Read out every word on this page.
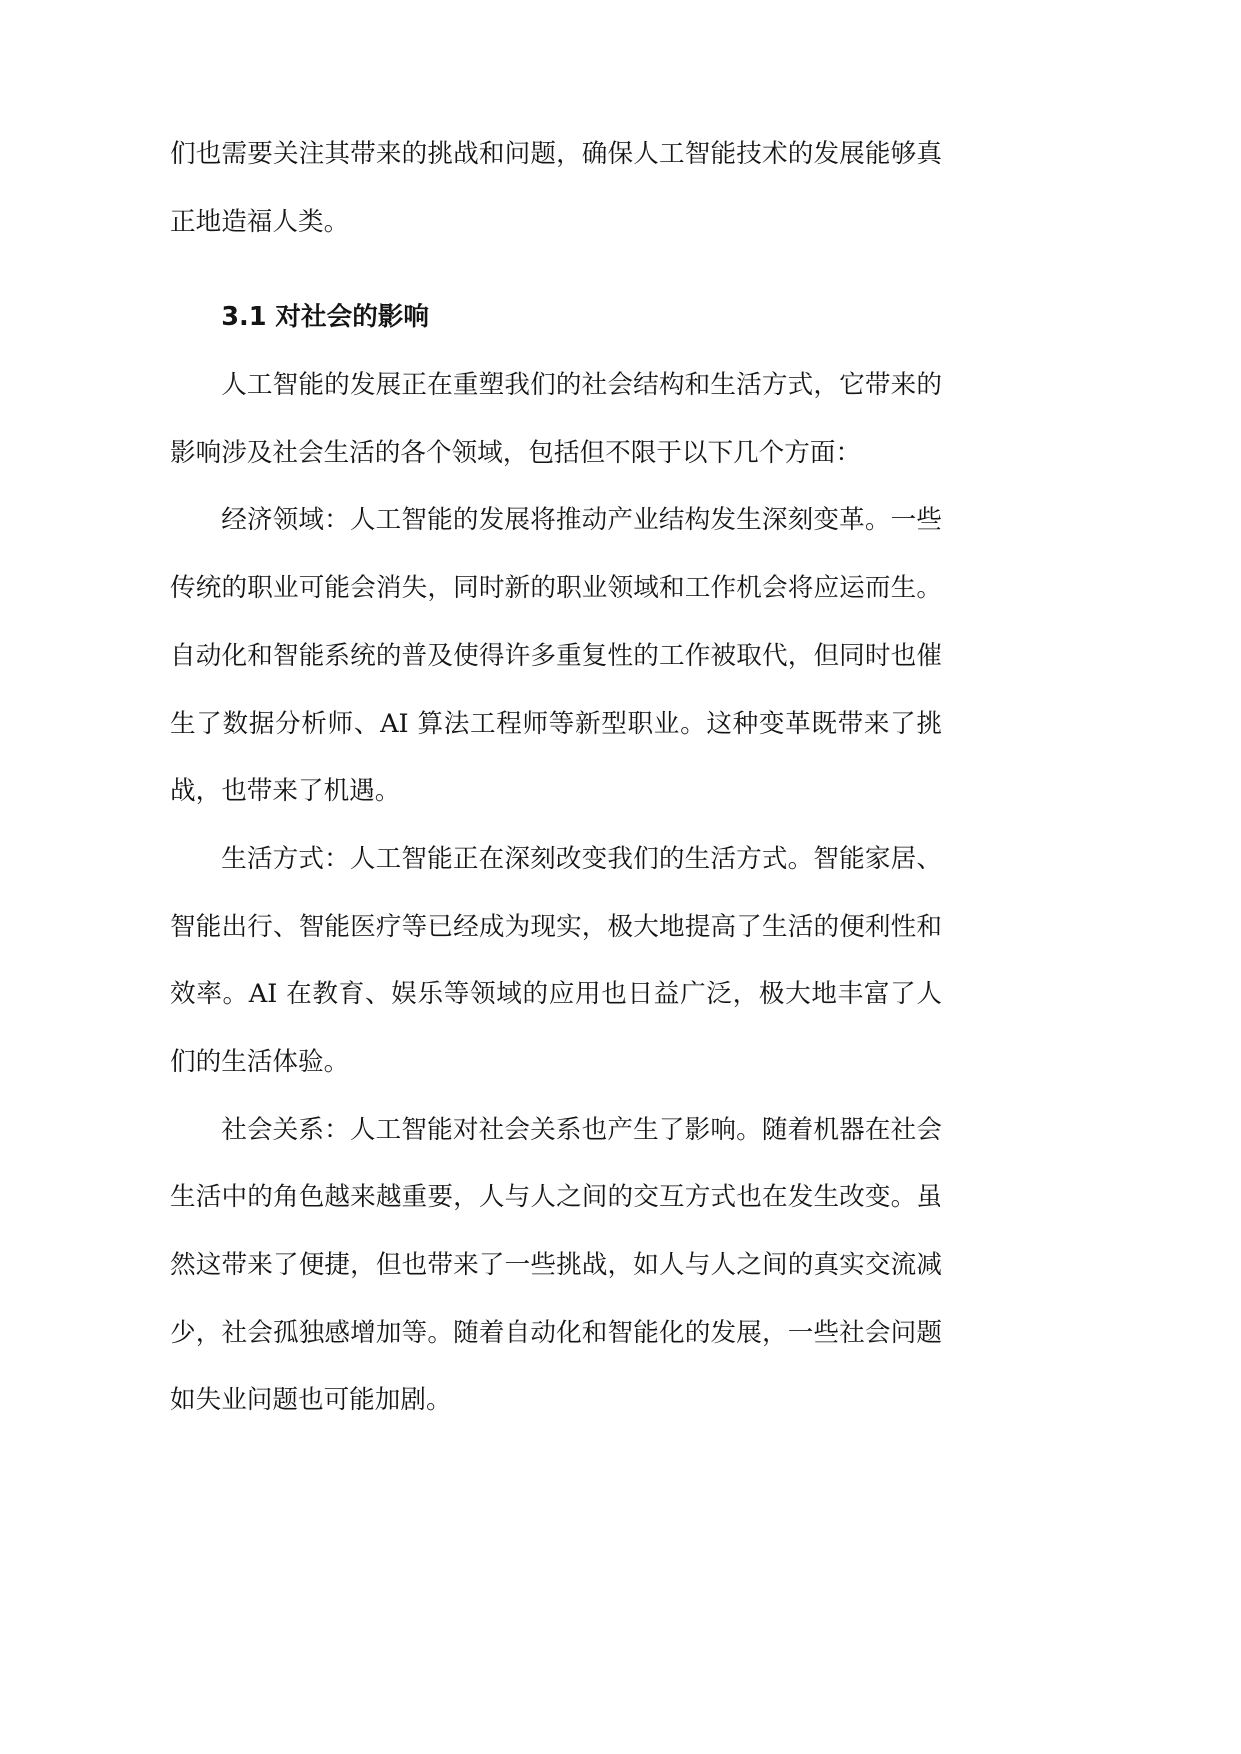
们也需要关注其带来的挑战和问题，确保人工智能技术的发展能够真
正地造福人类。
3.1 对社会的影响
人工智能的发展正在重塑我们的社会结构和生活方式，它带来的
影响涉及社会生活的各个领域，包括但不限于以下几个方面：
经济领域：人工智能的发展将推动产业结构发生深刻变革。一些
传统的职业可能会消失，同时新的职业领域和工作机会将应运而生。
自动化和智能系统的普及使得许多重复性的工作被取代，但同时也催
生了数据分析师、AI 算法工程师等新型职业。这种变革既带来了挑
战，也带来了机遇。
生活方式：人工智能正在深刻改变我们的生活方式。智能家居、
智能出行、智能医疗等已经成为现实，极大地提高了生活的便利性和
效率。AI 在教育、娱乐等领域的应用也日益广泛，极大地丰富了人
们的生活体验。
社会关系：人工智能对社会关系也产生了影响。随着机器在社会
生活中的角色越来越重要，人与人之间的交互方式也在发生改变。虽
然这带来了便捷，但也带来了一些挑战，如人与人之间的真实交流减
少，社会孤独感增加等。随着自动化和智能化的发展，一些社会问题
如失业问题也可能加剧。
